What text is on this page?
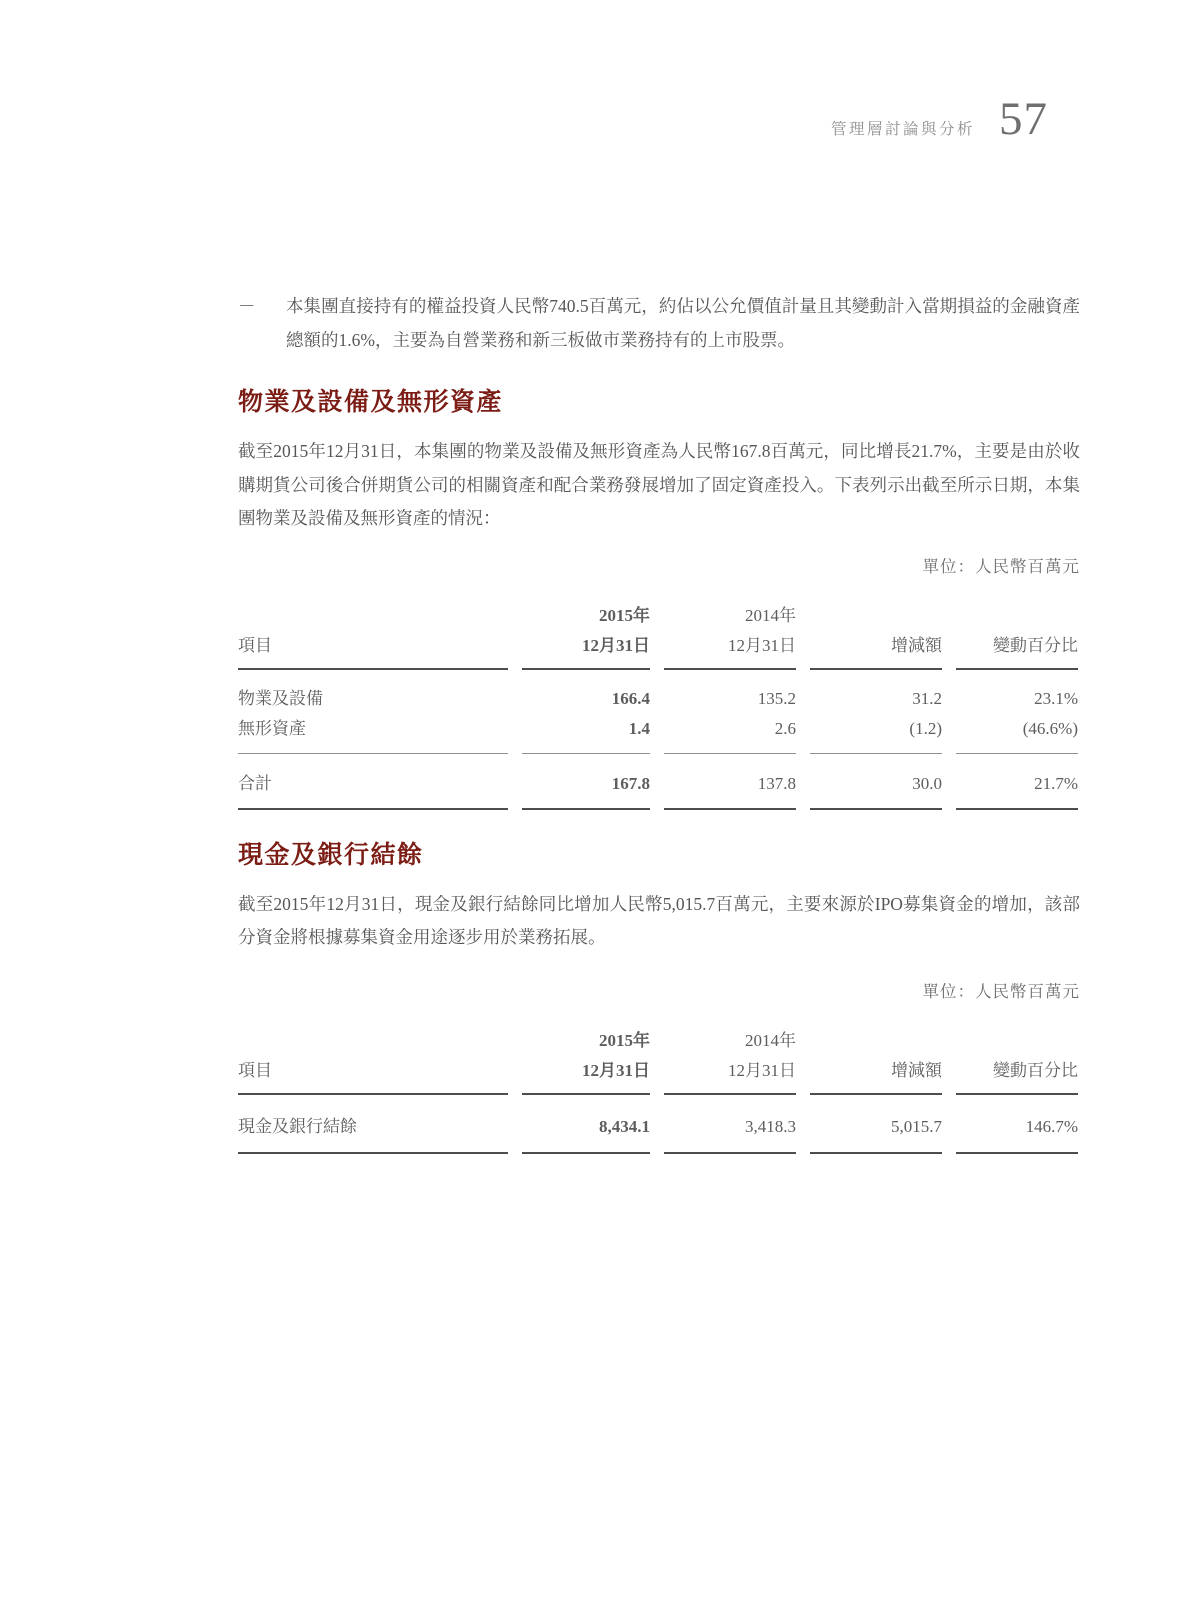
管理層討論與分析 57
－	本集團直接持有的權益投資人民幣740.5百萬元，約佔以公允價值計量且其變動計入當期損益的金融資產總額的1.6%，主要為自營業務和新三板做市業務持有的上市股票。

物業及設備及無形資產

截至2015年12月31日，本集團的物業及設備及無形資產為人民幣167.8百萬元，同比增長21.7%，主要是由於收購期貨公司後合併期貨公司的相關資產和配合業務發展增加了固定資產投入。下表列示出截至所示日期，本集團物業及設備及無形資產的情況：

單位：人民幣百萬元
	2015年	2014年		
項目	12月31日	12月31日	增減額	變動百分比
物業及設備	166.4	135.2	31.2	23.1%
無形資產	1.4	2.6	(1.2)	(46.6%)
合計	167.8	137.8	30.0	21.7%
現金及銀行結餘

截至2015年12月31日，現金及銀行結餘同比增加人民幣5,015.7百萬元，主要來源於IPO募集資金的增加，該部分資金將根據募集資金用途逐步用於業務拓展。

單位：人民幣百萬元
	2015年	2014年		
項目	12月31日	12月31日	增減額	變動百分比
現金及銀行結餘	8,434.1	3,418.3	5,015.7	146.7%
